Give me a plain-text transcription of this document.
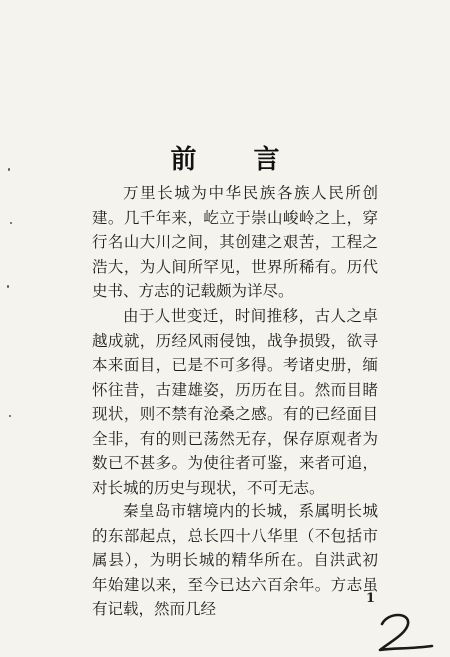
前 言

万里长城为中华民族各族人民所创建。几千年来，屹立于崇山峻岭之上，穿行名山大川之间，其创建之艰苦，工程之浩大，为人间所罕见，世界所稀有。历代史书、方志的记载颇为详尽。

由于人世变迁，时间推移，古人之卓越成就，历经风雨侵蚀，战争损毁，欲寻本来面目，已是不可多得。考诸史册，缅怀往昔，古建雄姿，历历在目。然而目睹现状，则不禁有沧桑之感。有的已经面目全非，有的则已荡然无存，保存原观者为数已不甚多。为使往者可鉴，来者可追，对长城的历史与现状，不可无志。

秦皇岛市辖境内的长城，系属明长城的东部起点，总长四十八华里（不包括市属县），为明长城的精华所在。自洪武初年始建以来，至今已达六百余年。方志虽有记载，然而几经

1
